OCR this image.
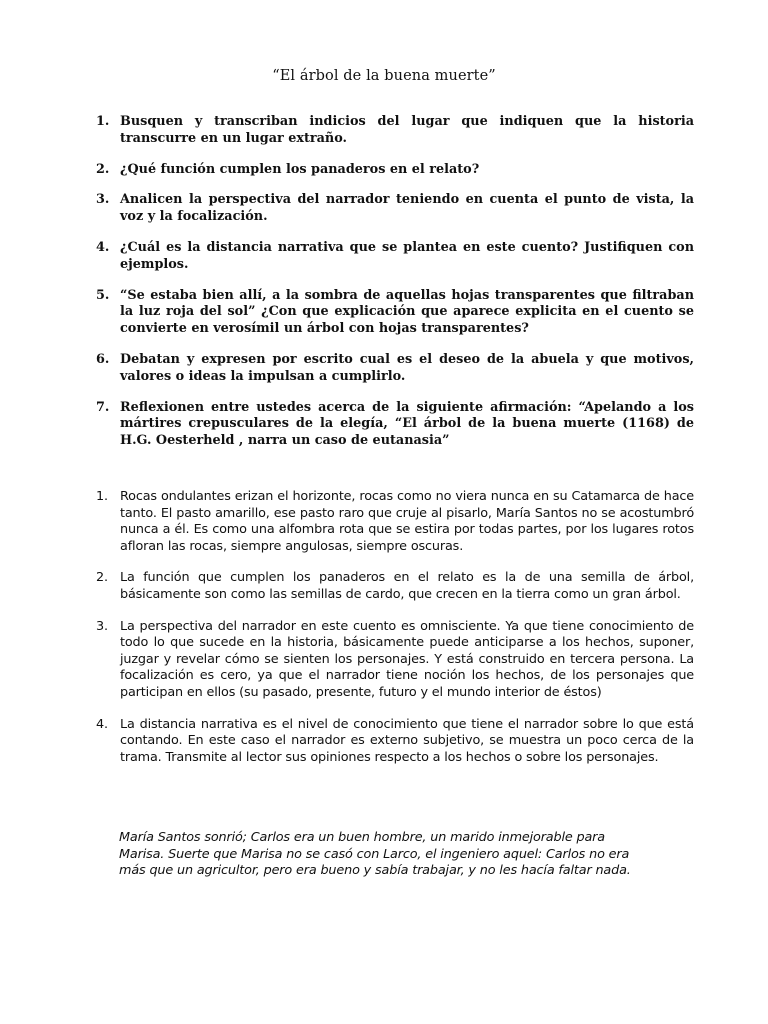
“El árbol de la buena muerte”
1. Busquen y transcriban indicios del lugar que indiquen que la historia transcurre en un lugar extraño.
2. ¿Qué función cumplen los panaderos en el relato?
3. Analicen la perspectiva del narrador teniendo en cuenta el punto de vista, la voz y la focalización.
4. ¿Cuál es la distancia narrativa que se plantea en este cuento? Justifiquen con ejemplos.
5. “Se estaba bien allí, a la sombra de aquellas hojas transparentes que filtraban la luz roja del sol” ¿Con que explicación que aparece explicita en el cuento se convierte en verosímil un árbol con hojas transparentes?
6. Debatan y expresen por escrito cual es el deseo de la abuela y que motivos, valores o ideas la impulsan a cumplirlo.
7. Reflexionen entre ustedes acerca de la siguiente afirmación: “Apelando a los mártires crepusculares de la elegía, “El árbol de la buena muerte (1168) de H.G. Oesterheld , narra un caso de eutanasia”
1. Rocas ondulantes erizan el horizonte, rocas como no viera nunca en su Catamarca de hace tanto. El pasto amarillo, ese pasto raro que cruje al pisarlo, María Santos no se acostumbró nunca a él. Es como una alfombra rota que se estira por todas partes, por los lugares rotos afloran las rocas, siempre angulosas, siempre oscuras.
2. La función que cumplen los panaderos en el relato es la de una semilla de árbol, básicamente son como las semillas de cardo, que crecen en la tierra como un gran árbol.
3. La perspectiva del narrador en este cuento es omnisciente. Ya que tiene conocimiento de todo lo que sucede en la historia, básicamente puede anticiparse a los hechos, suponer, juzgar y revelar cómo se sienten los personajes. Y está construido en tercera persona. La focalización es cero, ya que el narrador tiene noción los hechos, de los personajes que participan en ellos (su pasado, presente, futuro y el mundo interior de éstos)
4. La distancia narrativa es el nivel de conocimiento que tiene el narrador sobre lo que está contando. En este caso el narrador es externo subjetivo, se muestra un poco cerca de la trama. Transmite al lector sus opiniones respecto a los hechos o sobre los personajes.
María Santos sonrió; Carlos era un buen hombre, un marido inmejorable para
Marisa. Suerte que Marisa no se casó con Larco, el ingeniero aquel: Carlos no era
más que un agricultor, pero era bueno y sabía trabajar, y no les hacía faltar nada.
